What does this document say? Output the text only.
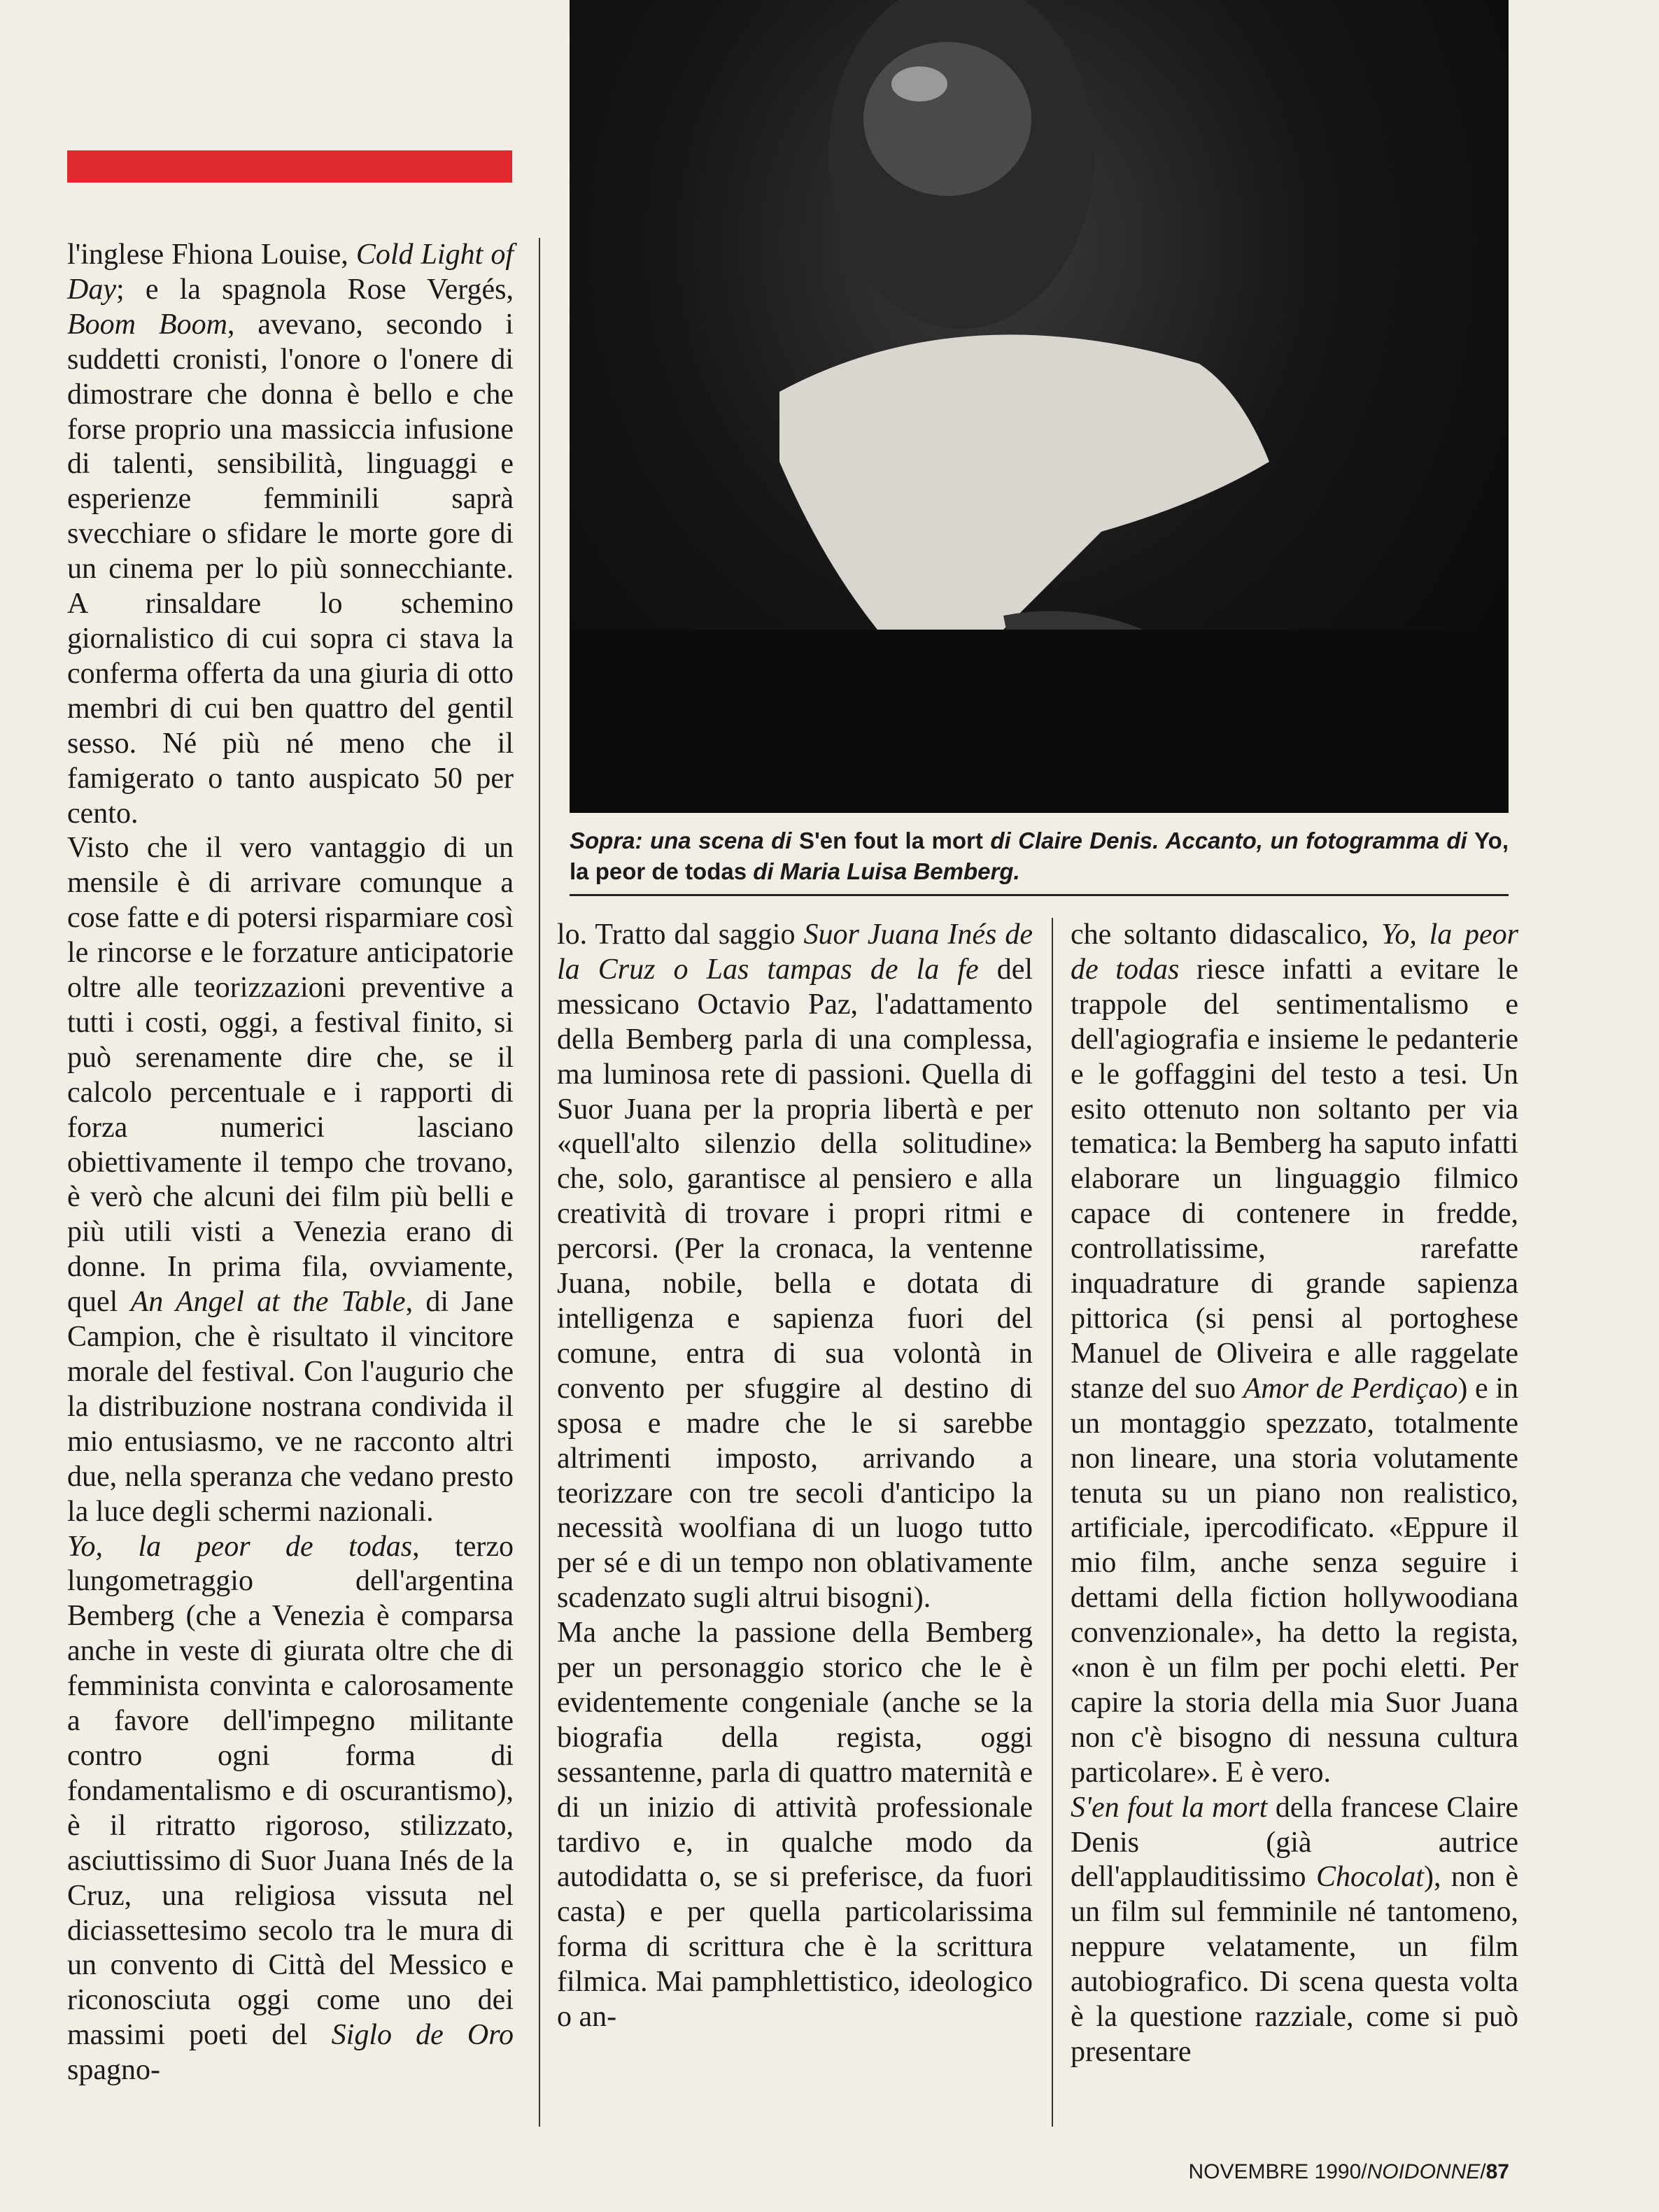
Sopra: una scena di S'en fout la mort di Claire Denis. Accanto, un fotogramma di Yo, la peor de todas di Maria Luisa Bemberg.

l'inglese Fhiona Louise, Cold Light of Day; e la spagnola Rose Vergés, Boom Boom, avevano, secondo i suddetti cronisti, l'onore o l'onere di dimostrare che donna è bello e che forse proprio una massiccia infusione di talenti, sensibilità, linguaggi e esperienze femminili saprà svecchiare o sfidare le morte gore di un cinema per lo più sonnecchiante. A rinsaldare lo schemino giornalistico di cui sopra ci stava la conferma offerta da una giuria di otto membri di cui ben quattro del gentil sesso. Né più né meno che il famigerato o tanto auspicato 50 per cento.

Visto che il vero vantaggio di un mensile è di arrivare comunque a cose fatte e di potersi risparmiare così le rincorse e le forzature anticipatorie oltre alle teorizzazioni preventive a tutti i costi, oggi, a festival finito, si può serenamente dire che, se il calcolo percentuale e i rapporti di forza numerici lasciano obiettivamente il tempo che trovano, è verò che alcuni dei film più belli e più utili visti a Venezia erano di donne. In prima fila, ovviamente, quel An Angel at the Table, di Jane Campion, che è risultato il vincitore morale del festival. Con l'augurio che la distribuzione nostrana condivida il mio entusiasmo, ve ne racconto altri due, nella speranza che vedano presto la luce degli schermi nazionali.

Yo, la peor de todas, terzo lungometraggio dell'argentina Bemberg (che a Venezia è comparsa anche in veste di giurata oltre che di femminista convinta e calorosamente a favore dell'impegno militante contro ogni forma di fondamentalismo e di oscurantismo), è il ritratto rigoroso, stilizzato, asciuttissimo di Suor Juana Inés de la Cruz, una religiosa vissuta nel diciassettesimo secolo tra le mura di un convento di Città del Messico e riconosciuta oggi come uno dei massimi poeti del Siglo de Oro spagno-

lo. Tratto dal saggio Suor Juana Inés de la Cruz o Las tampas de la fe del messicano Octavio Paz, l'adattamento della Bemberg parla di una complessa, ma luminosa rete di passioni. Quella di Suor Juana per la propria libertà e per «quell'alto silenzio della solitudine» che, solo, garantisce al pensiero e alla creatività di trovare i propri ritmi e percorsi. (Per la cronaca, la ventenne Juana, nobile, bella e dotata di intelligenza e sapienza fuori del comune, entra di sua volontà in convento per sfuggire al destino di sposa e madre che le si sarebbe altrimenti imposto, arrivando a teorizzare con tre secoli d'anticipo la necessità woolfiana di un luogo tutto per sé e di un tempo non oblativamente scadenzato sugli altrui bisogni).

Ma anche la passione della Bemberg per un personaggio storico che le è evidentemente congeniale (anche se la biografia della regista, oggi sessantenne, parla di quattro maternità e di un inizio di attività professionale tardivo e, in qualche modo da autodidatta o, se si preferisce, da fuori casta) e per quella particolarissima forma di scrittura che è la scrittura filmica. Mai pamphlettistico, ideologico o an-

che soltanto didascalico, Yo, la peor de todas riesce infatti a evitare le trappole del sentimentalismo e dell'agiografia e insieme le pedanterie e le goffaggini del testo a tesi. Un esito ottenuto non soltanto per via tematica: la Bemberg ha saputo infatti elaborare un linguaggio filmico capace di contenere in fredde, controllatissime, rarefatte inquadrature di grande sapienza pittorica (si pensi al portoghese Manuel de Oliveira e alle raggelate stanze del suo Amor de Perdiçao) e in un montaggio spezzato, totalmente non lineare, una storia volutamente tenuta su un piano non realistico, artificiale, ipercodificato. «Eppure il mio film, anche senza seguire i dettami della fiction hollywoodiana convenzionale», ha detto la regista, «non è un film per pochi eletti. Per capire la storia della mia Suor Juana non c'è bisogno di nessuna cultura particolare». E è vero.

S'en fout la mort della francese Claire Denis (già autrice dell'applauditissimo Chocolat), non è un film sul femminile né tantomeno, neppure velatamente, un film autobiografico. Di scena questa volta è la questione razziale, come si può presentare

NOVEMBRE 1990/NOIDONNE/87
